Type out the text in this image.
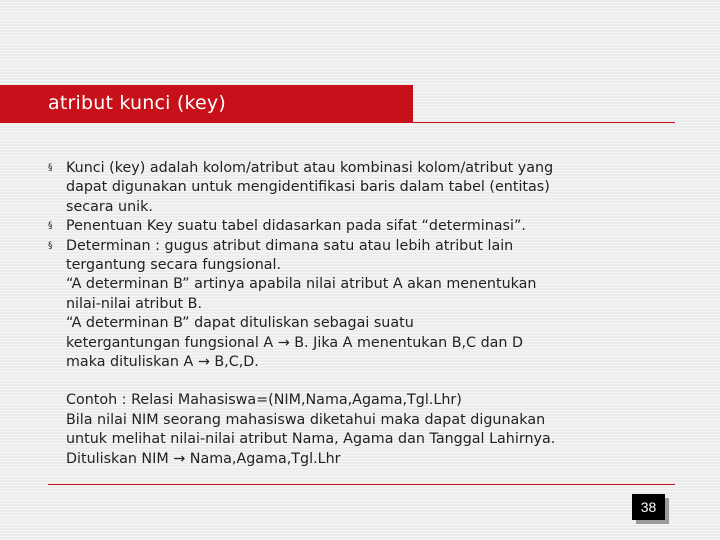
atribut kunci (key)
§ Kunci (key) adalah kolom/atribut atau kombinasi kolom/atribut yang
dapat digunakan untuk mengidentifikasi baris dalam tabel (entitas)
secara unik.
§ Penentuan Key suatu tabel didasarkan pada sifat “determinasi”.
§ Determinan : gugus atribut dimana satu atau lebih atribut lain
tergantung secara fungsional.
“A determinan B” artinya apabila nilai atribut A akan menentukan
nilai-nilai atribut B.
“A determinan B” dapat dituliskan sebagai suatu
ketergantungan fungsional A → B. Jika A menentukan B,C dan D
maka dituliskan A → B,C,D.
Contoh : Relasi Mahasiswa=(NIM,Nama,Agama,Tgl.Lhr)
Bila nilai NIM seorang mahasiswa diketahui maka dapat digunakan
untuk melihat nilai-nilai atribut Nama, Agama dan Tanggal Lahirnya.
Dituliskan NIM → Nama,Agama,Tgl.Lhr
38
